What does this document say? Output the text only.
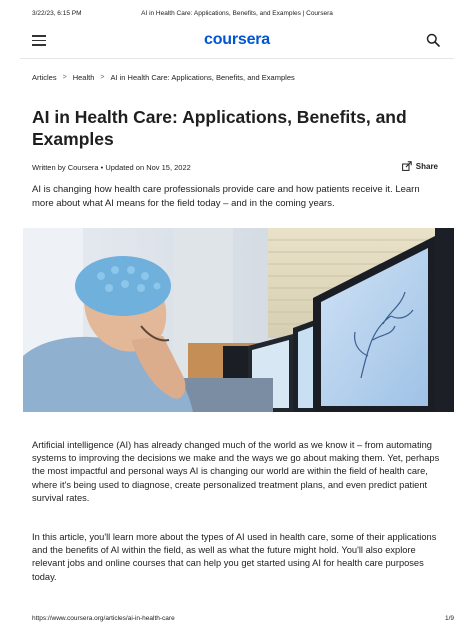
3/22/23, 6:15 PM	AI in Health Care: Applications, Benefits, and Examples | Coursera
coursera
Articles > Health > AI in Health Care: Applications, Benefits, and Examples
AI in Health Care: Applications, Benefits, and Examples
Written by Coursera • Updated on Nov 15, 2022	Share

AI is changing how health care professionals provide care and how patients receive it. Learn more about what AI means for the field today – and in the coming years.

Artificial intelligence (AI) has already changed much of the world as we know it – from automating systems to improving the decisions we make and the ways we go about making them. Yet, perhaps the most impactful and personal ways AI is changing our world are within the field of health care, where it's being used to diagnose, create personalized treatment plans, and even predict patient survival rates.

In this article, you'll learn more about the types of AI used in health care, some of their applications and the benefits of AI within the field, as well as what the future might hold. You'll also explore relevant jobs and online courses that can help you get started using AI for health care purposes today.

https://www.coursera.org/articles/ai-in-health-care	1/9
